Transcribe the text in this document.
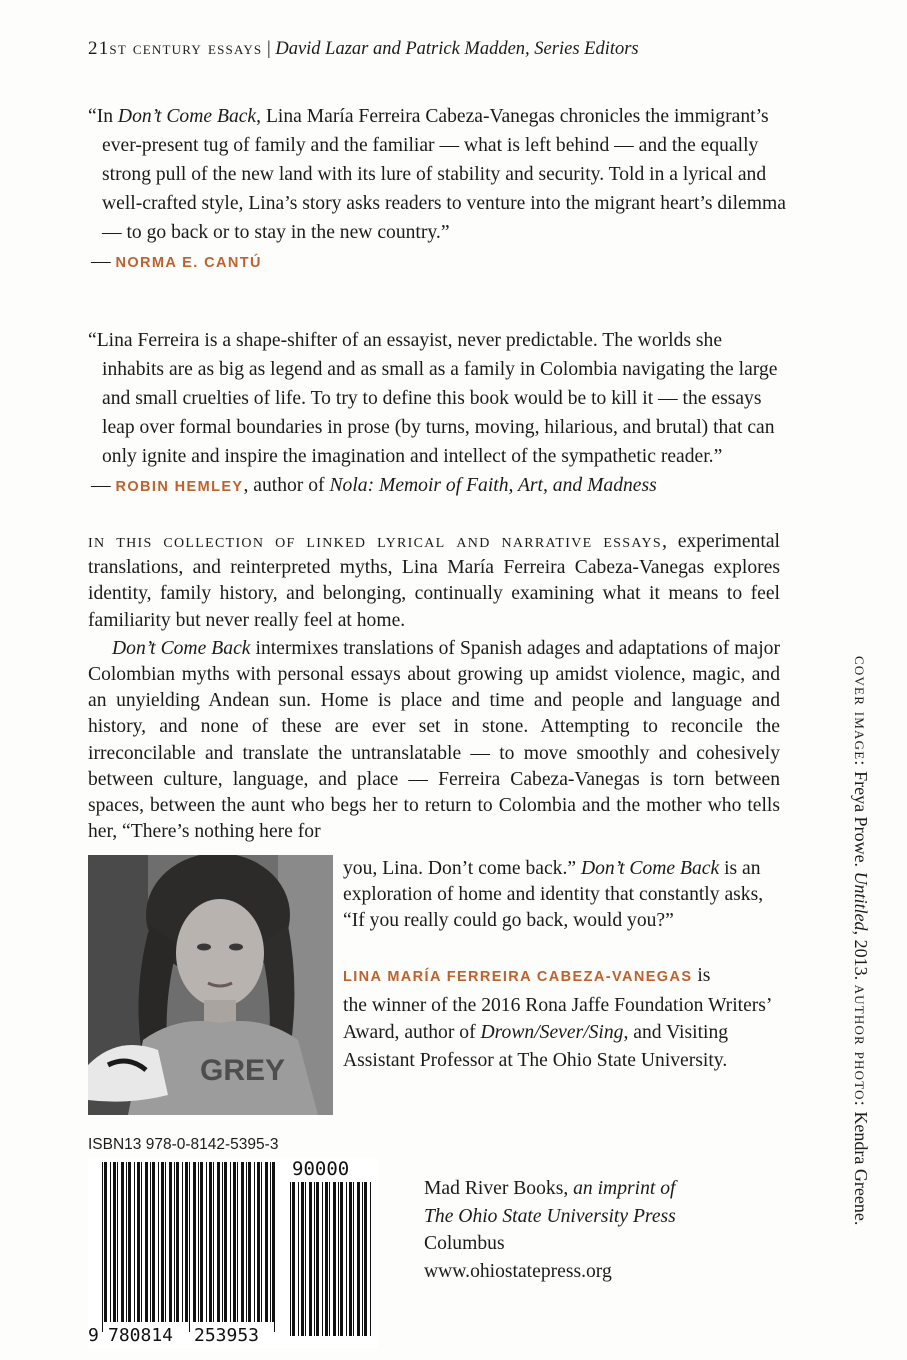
21st century essays | David Lazar and Patrick Madden, Series Editors

“In Don’t Come Back, Lina María Ferreira Cabeza-Vanegas chronicles the immigrant’s ever-present tug of family and the familiar — what is left behind — and the equally strong pull of the new land with its lure of stability and security. Told in a lyrical and well-crafted style, Lina’s story asks readers to venture into the migrant heart’s dilemma — to go back or to stay in the new country.”

— NORMA E. CANTÚ

“Lina Ferreira is a shape-shifter of an essayist, never predictable. The worlds she inhabits are as big as legend and as small as a family in Colombia navigating the large and small cruelties of life. To try to define this book would be to kill it — the essays leap over formal boundaries in prose (by turns, moving, hilarious, and brutal) that can only ignite and inspire the imagination and intellect of the sympathetic reader.”

— ROBIN HEMLEY, author of Nola: Memoir of Faith, Art, and Madness

in this collection of linked lyrical and narrative essays, experimental translations, and reinterpreted myths, Lina María Ferreira Cabeza-Vanegas explores identity, family history, and belonging, continually examining what it means to feel familiarity but never really feel at home.

Don’t Come Back intermixes translations of Spanish adages and adaptations of major Colombian myths with personal essays about growing up amidst violence, magic, and an unyielding Andean sun. Home is place and time and people and language and history, and none of these are ever set in stone. Attempting to reconcile the irreconcilable and translate the untranslatable — to move smoothly and cohesively between culture, language, and place — Ferreira Cabeza-Vanegas is torn between spaces, between the aunt who begs her to return to Colombia and the mother who tells her, “There’s nothing here for

you, Lina. Don’t come back.” Don’t Come Back is an exploration of home and identity that constantly asks, “If you really could go back, would you?”

GREY

LINA MARÍA FERREIRA CABEZA-VANEGAS is
the winner of the 2016 Rona Jaffe Foundation Writers’ Award, author of Drown/Sever/Sing, and Visiting Assistant Professor at The Ohio State University.

ISBN13 978-0-8142-5395-3
90000
9 780814 253953

Mad River Books, an imprint of

The Ohio State University Press

Columbus

www.ohiostatepress.org

cover image: Freya Prowe. Untitled, 2013. author photo: Kendra Greene.
